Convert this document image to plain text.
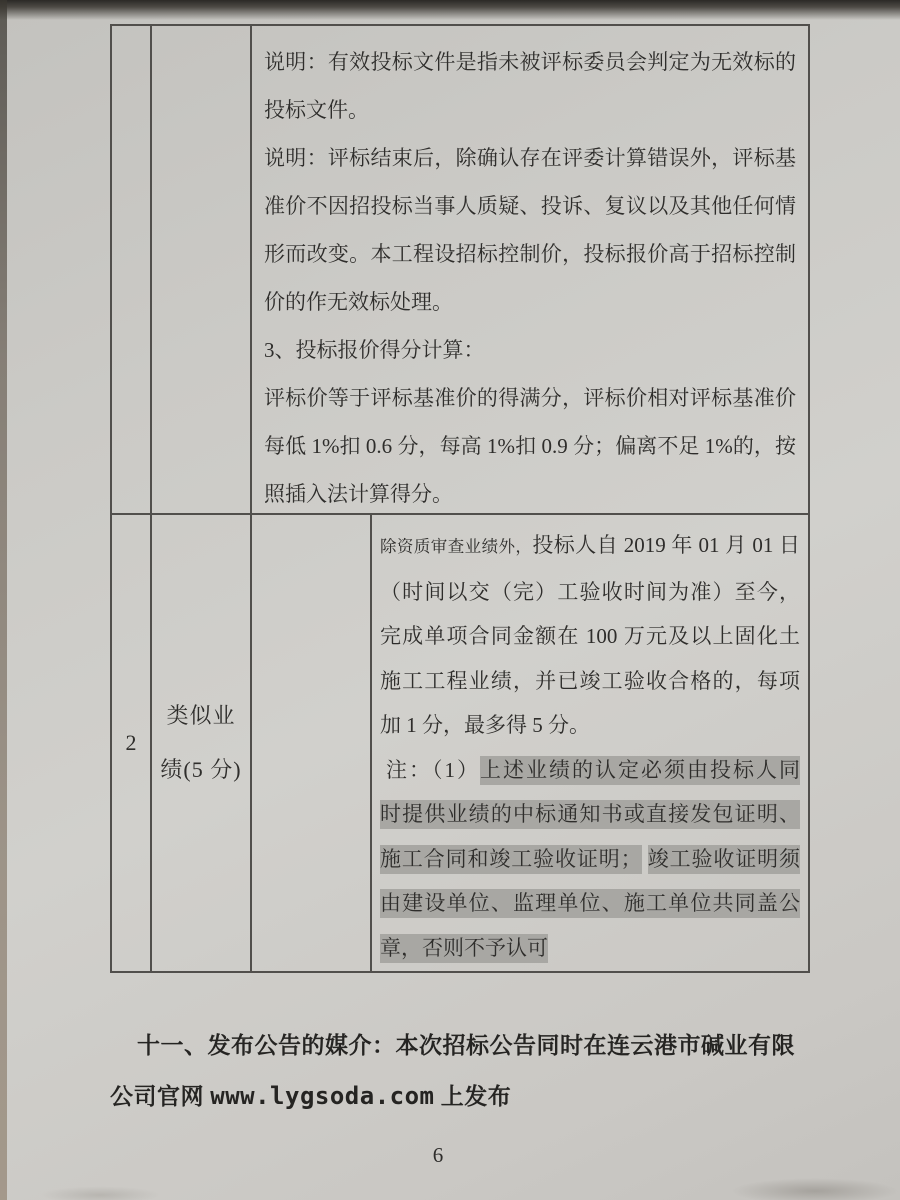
说明：有效投标文件是指未被评标委员会判定为无效标的
投标文件。
说明：评标结束后，除确认存在评委计算错误外，评标基
准价不因招投标当事人质疑、投诉、复议以及其他任何情
形而改变。本工程设招标控制价，投标报价高于招标控制
价的作无效标处理。
3、投标报价得分计算：
评标价等于评标基准价的得满分，评标价相对评标基准价
每低 1%扣 0.6 分，每高 1%扣 0.9 分；偏离不足 1%的，按
照插入法计算得分。
2
类似业
绩(5 分)
除资质审查业绩外，投标人自 2019 年 01 月 01 日
（时间以交（完）工验收时间为准）至今，
完成单项合同金额在 100 万元及以上固化土
施工工程业绩，并已竣工验收合格的，每项
加 1 分，最多得 5 分。
注：（1）上述业绩的认定必须由投标人同
时提供业绩的中标通知书或直接发包证明、
施工合同和竣工验收证明； 竣工验收证明须
由建设单位、监理单位、施工单位共同盖公
章，否则不予认可
十一、发布公告的媒介：本次招标公告同时在连云港市碱业有限
公司官网 www.lygsoda.com 上发布
6
